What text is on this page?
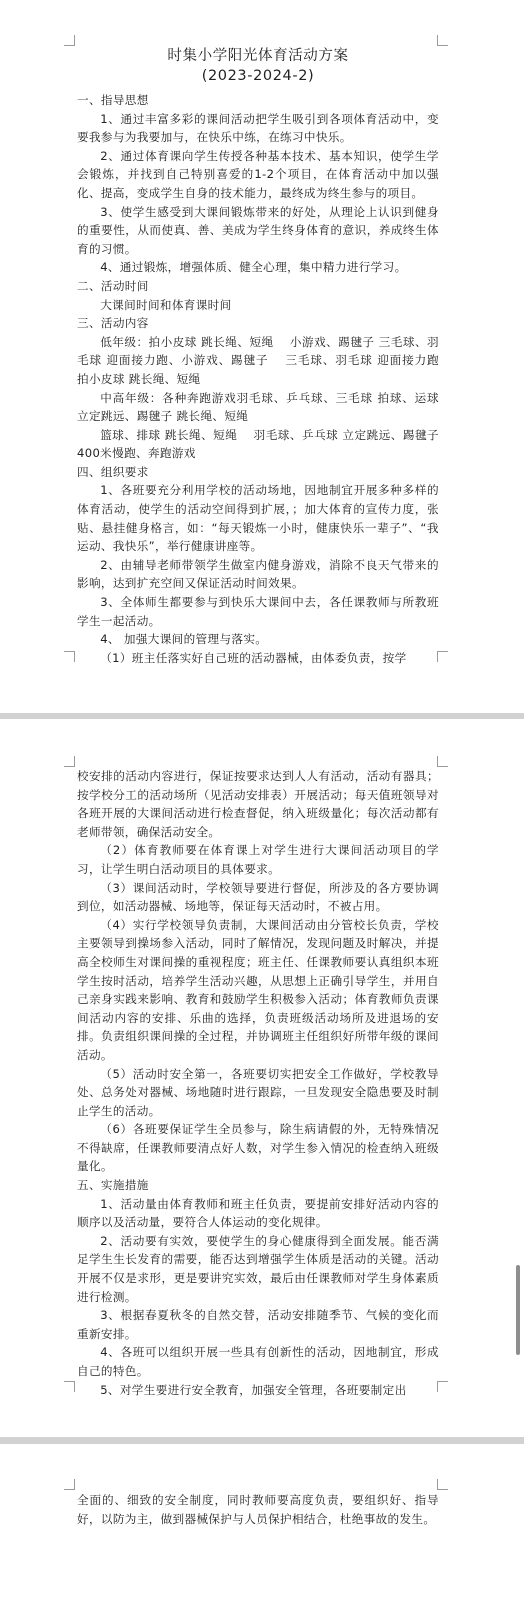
时集小学阳光体育活动方案

(2023-2024-2)

一、指导思想

1、通过丰富多彩的课间活动把学生吸引到各项体育活动中，变要我参与为我要加与，在快乐中练，在练习中快乐。

2、通过体育课向学生传授各种基本技术、基本知识，使学生学会锻炼，并找到自己特别喜爱的1-2个项目，在体育活动中加以强化、提高，变成学生自身的技术能力，最终成为终生参与的项目。

3、使学生感受到大课间锻炼带来的好处，从理论上认识到健身的重要性，从而使真、善、美成为学生终身体育的意识，养成终生体育的习惯。

4、通过锻炼，增强体质、健全心理，集中精力进行学习。

二、活动时间

大课间时间和体育课时间

三、活动内容

低年级：拍小皮球 跳长绳、短绳　 小游戏、踢毽子 三毛球、羽毛球 迎面接力跑、小游戏、踢毽子　 三毛球、羽毛球 迎面接力跑　 拍小皮球 跳长绳、短绳

中高年级：各种奔跑游戏羽毛球、乒乓球、三毛球 拍球、运球　立定跳远、踢毽子 跳长绳、短绳

篮球、排球 跳长绳、短绳　 羽毛球、乒乓球 立定跳远、踢毽子　400米慢跑、奔跑游戏

四、组织要求

1、各班要充分利用学校的活动场地，因地制宜开展多种多样的体育活动，使学生的活动空间得到扩展，；加大体育的宣传力度，张贴、悬挂健身格言，如：“每天锻炼一小时，健康快乐一辈子”、“我运动、我快乐”，举行健康讲座等。

2、由辅导老师带领学生做室内健身游戏，消除不良天气带来的影响，达到扩充空间又保证活动时间效果。

3、全体师生都要参与到快乐大课间中去，各任课教师与所教班学生一起活动。

4、 加强大课间的管理与落实。

（1）班主任落实好自己班的活动器械，由体委负责，按学

校安排的活动内容进行，保证按要求达到人人有活动，活动有器具；按学校分工的活动场所（见活动安排表）开展活动；每天值班领导对各班开展的大课间活动进行检查督促，纳入班级量化；每次活动都有老师带领，确保活动安全。

（2）体育教师要在体育课上对学生进行大课间活动项目的学习，让学生明白活动项目的具体要求。

（3）课间活动时，学校领导要进行督促，所涉及的各方要协调到位，如活动器械、场地等，保证每天活动时，不被占用。

（4）实行学校领导负责制，大课间活动由分管校长负责，学校主要领导到操场参入活动，同时了解情况，发现问题及时解决，并提高全校师生对课间操的重视程度；班主任、任课教师要认真组织本班学生按时活动，培养学生活动兴趣，从思想上正确引导学生，并用自己亲身实践来影响、教育和鼓励学生积极参入活动；体育教师负责课间活动内容的安排、乐曲的选择，负责班级活动场所及进退场的安排。负责组织课间操的全过程，并协调班主任组织好所带年级的课间活动。

（5）活动时安全第一，各班要切实把安全工作做好，学校教导处、总务处对器械、场地随时进行跟踪，一旦发现安全隐患要及时制止学生的活动。

（6）各班要保证学生全员参与，除生病请假的外，无特殊情况不得缺席，任课教师要清点好人数，对学生参入情况的检查纳入班级量化。

五、实施措施

1、活动量由体育教师和班主任负责，要提前安排好活动内容的顺序以及活动量，要符合人体运动的变化规律。

2、活动要有实效，要使学生的身心健康得到全面发展。能否满足学生生长发育的需要，能否达到增强学生体质是活动的关键。活动开展不仅是求形，更是要讲究实效，最后由任课教师对学生身体素质进行检测。

3、根据春夏秋冬的自然交替，活动安排随季节、气候的变化而重新安排。

4、各班可以组织开展一些具有创新性的活动，因地制宜，形成自己的特色。

5、对学生要进行安全教育，加强安全管理，各班要制定出

全面的、细致的安全制度，同时教师要高度负责，要组织好、指导好，以防为主，做到器械保护与人员保护相结合，杜绝事故的发生。
